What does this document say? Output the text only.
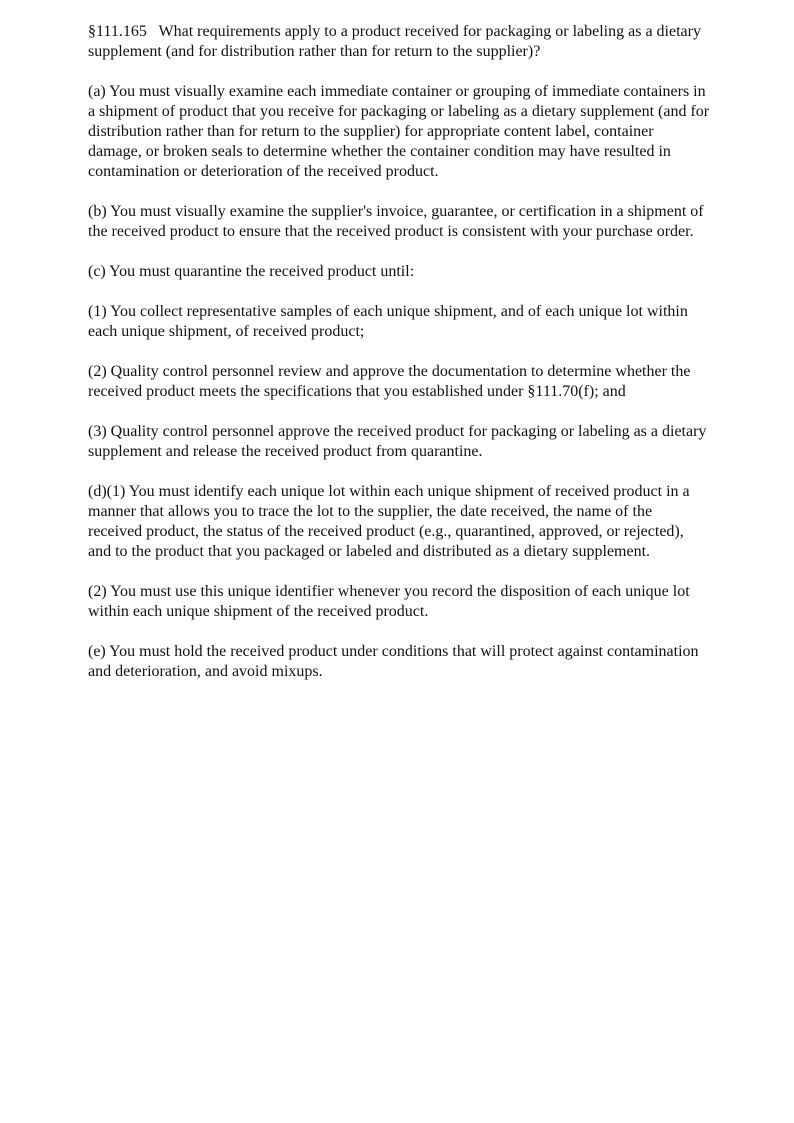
§111.165   What requirements apply to a product received for packaging or labeling as a dietary supplement (and for distribution rather than for return to the supplier)?

(a) You must visually examine each immediate container or grouping of immediate containers in a shipment of product that you receive for packaging or labeling as a dietary supplement (and for distribution rather than for return to the supplier) for appropriate content label, container damage, or broken seals to determine whether the container condition may have resulted in contamination or deterioration of the received product.

(b) You must visually examine the supplier's invoice, guarantee, or certification in a shipment of the received product to ensure that the received product is consistent with your purchase order.

(c) You must quarantine the received product until:

(1) You collect representative samples of each unique shipment, and of each unique lot within each unique shipment, of received product;

(2) Quality control personnel review and approve the documentation to determine whether the received product meets the specifications that you established under §111.70(f); and

(3) Quality control personnel approve the received product for packaging or labeling as a dietary supplement and release the received product from quarantine.

(d)(1) You must identify each unique lot within each unique shipment of received product in a manner that allows you to trace the lot to the supplier, the date received, the name of the received product, the status of the received product (e.g., quarantined, approved, or rejected), and to the product that you packaged or labeled and distributed as a dietary supplement.

(2) You must use this unique identifier whenever you record the disposition of each unique lot within each unique shipment of the received product.

(e) You must hold the received product under conditions that will protect against contamination and deterioration, and avoid mixups.
